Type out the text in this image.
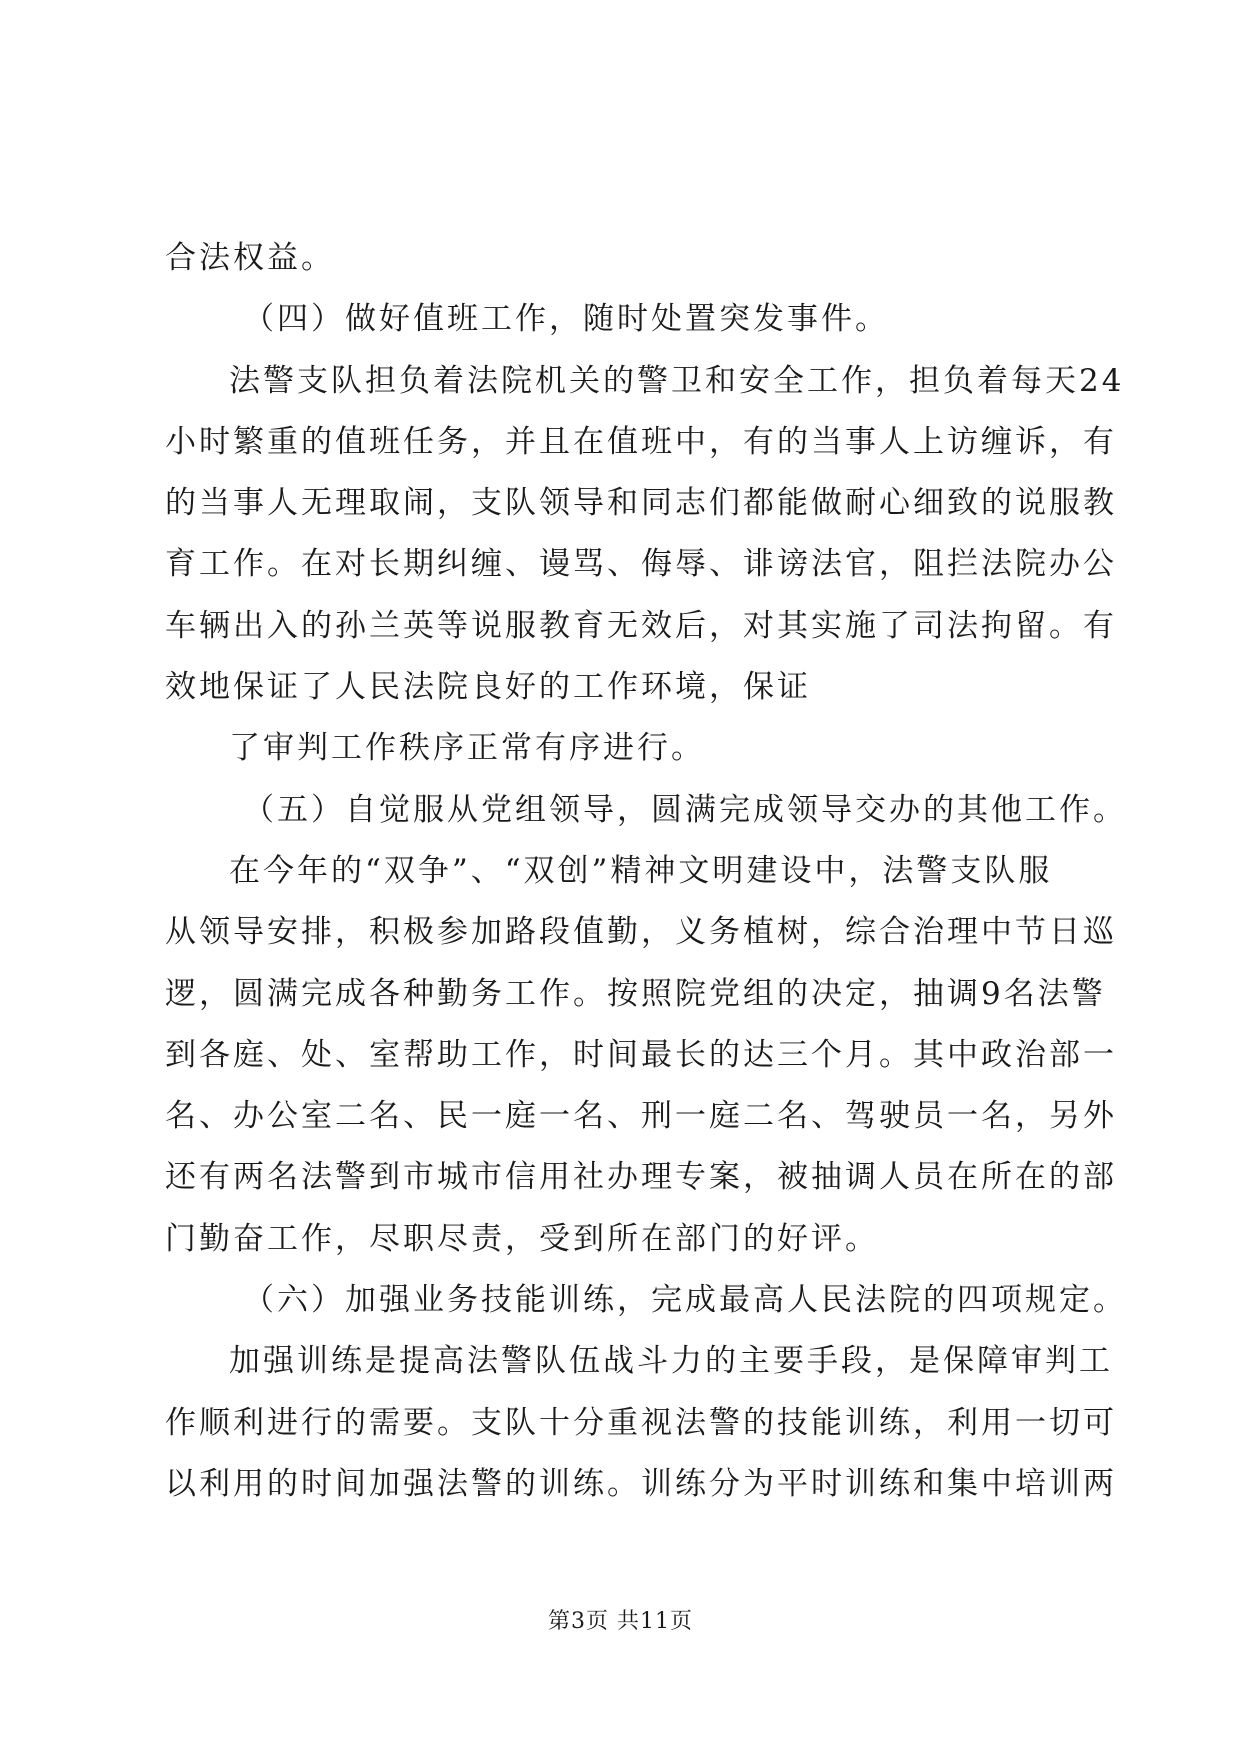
合法权益。
（四）做好值班工作，随时处置突发事件。
法警支队担负着法院机关的警卫和安全工作，担负着每天24
小时繁重的值班任务，并且在值班中，有的当事人上访缠诉，有
的当事人无理取闹，支队领导和同志们都能做耐心细致的说服教
育工作。在对长期纠缠、谩骂、侮辱、诽谤法官，阻拦法院办公
车辆出入的孙兰英等说服教育无效后，对其实施了司法拘留。有
效地保证了人民法院良好的工作环境，保证
了审判工作秩序正常有序进行。
（五）自觉服从党组领导，圆满完成领导交办的其他工作。
在今年的“双争”、“双创”精神文明建设中，法警支队服
从领导安排，积极参加路段值勤，义务植树，综合治理中节日巡
逻，圆满完成各种勤务工作。按照院党组的决定，抽调9名法警
到各庭、处、室帮助工作，时间最长的达三个月。其中政治部一
名、办公室二名、民一庭一名、刑一庭二名、驾驶员一名，另外
还有两名法警到市城市信用社办理专案，被抽调人员在所在的部
门勤奋工作，尽职尽责，受到所在部门的好评。
（六）加强业务技能训练，完成最高人民法院的四项规定。
加强训练是提高法警队伍战斗力的主要手段，是保障审判工
作顺利进行的需要。支队十分重视法警的技能训练，利用一切可
以利用的时间加强法警的训练。训练分为平时训练和集中培训两
第3页 共11页
